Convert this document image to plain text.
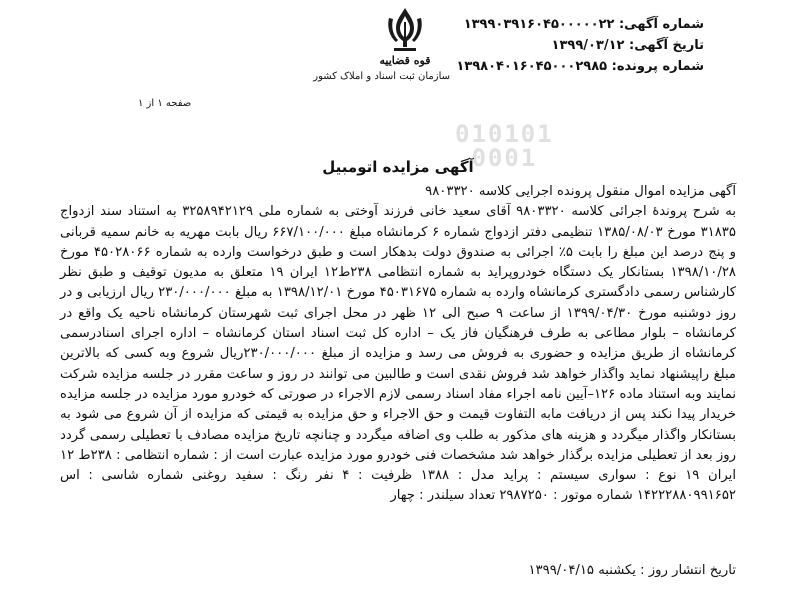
شماره آگهی: ۱۳۹۹۰۳۹۱۶۰۴۵۰۰۰۰۰۲۲
تاریخ آگهی: ۱۳۹۹/۰۳/۱۲
شماره پرونده: ۱۳۹۸۰۴۰۱۶۰۴۵۰۰۰۲۹۸۵
قوه قضاییه
سازمان ثبت اسناد و املاک کشور
صفحه ۱ از ۱
010101
0001
آگهی مزایده اتومبیل

آگهی مزایده اموال منقول پرونده اجرایی کلاسه ۹۸۰۳۳۲۰

به شرح پروندۀ اجرائی کلاسه ۹۸۰۳۳۲۰ آقای سعید خانی فرزند آوختی به شماره ملی ۳۲۵۸۹۴۲۱۲۹ به استناد سند ازدواج ۳۱۸۳۵ مورخ ۱۳۸۵/۰۸/۰۳ تنظیمی دفتر ازدواج شماره ۶ کرمانشاه مبلغ ۶۶۷/۱۰۰/۰۰۰ ریال بابت مهریه به خانم سمیه قربانی و پنج درصد این مبلغ را بابت ۵٪ اجرائی به صندوق دولت بدهکار است و طبق درخواست وارده به شماره ۴۵۰۲۸۰۶۶ مورخ ۱۳۹۸/۱۰/۲۸ بستانکار یک دستگاه خودروپراید به شماره انتظامی ۲۳۸ط۱۲ ایران ۱۹ متعلق به مدیون توقیف و طبق نظر کارشناس رسمی دادگستری کرمانشاه وارده به شماره ۴۵۰۳۱۶۷۵ مورخ ۱۳۹۸/۱۲/۰۱ به مبلغ ۲۳۰/۰۰۰/۰۰۰ ریال ارزیابی و در روز دوشنبه مورخ ۱۳۹۹/۰۴/۳۰ از ساعت ۹ صبح الی ۱۲ ظهر در محل اجرای ثبت شهرستان کرمانشاه ناحیه یک واقع در کرمانشاه – بلوار مطاعی به طرف فرهنگیان فاز یک – اداره کل ثبت اسناد استان کرمانشاه – اداره اجرای اسنادرسمی کرمانشاه از طریق مزایده و حضوری به فروش می رسد و مزایده از مبلغ ۲۳۰/۰۰۰/۰۰۰ریال شروع وبه کسی که بالاترین مبلغ راپیشنهاد نماید واگذار خواهد شد فروش نقدی است و طالبین می توانند در روز و ساعت مقرر در جلسه مزایده شرکت نمایند وبه استناد ماده ۱۲۶–آیین نامه اجراء مفاد اسناد رسمی لازم الاجراء در صورتی که خودرو مورد مزایده در جلسه مزایده خریدار پیدا نکند پس از دریافت مابه التفاوت قیمت و حق الاجراء و حق مزایده به قیمتی که مزایده از آن شروع می شود به بستانکار واگذار میگردد و هزینه های مذکور به طلب وی اضافه میگردد و چنانچه تاریخ مزایده مصادف با تعطیلی رسمی گردد روز بعد از تعطیلی مزایده برگذار خواهد شد مشخصات فنی خودرو مورد مزایده عبارت است از : شماره انتظامی : ۲۳۸ط ۱۲ ایران ۱۹ نوع : سواری سیستم : پراید مدل : ۱۳۸۸ ظرفیت : ۴ نفر رنگ : سفید روغنی شماره شاسی : اس ۱۴۲۲۲۸۸۰۹۹۱۶۵۲ شماره موتور : ۲۹۸۷۲۵۰ تعداد سیلندر : چهار

تاریخ انتشار روز : یکشنبه ۱۳۹۹/۰۴/۱۵
